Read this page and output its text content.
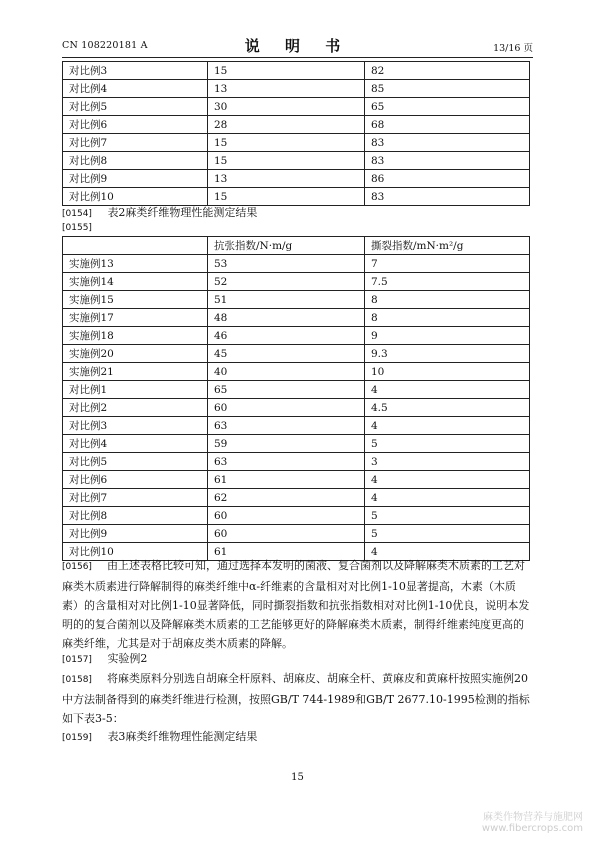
CN 108220181 A	说 明 书	13/16 页
对比例3	15	82
对比例4	13	85
对比例5	30	65
对比例6	28	68
对比例7	15	83
对比例8	15	83
对比例9	13	86
对比例10	15	83
[0154] 表2麻类纤维物理性能测定结果
[0155]
	抗张指数/N·m/g	撕裂指数/mN·m²/g
实施例13	53	7
实施例14	52	7.5
实施例15	51	8
实施例17	48	8
实施例18	46	9
实施例20	45	9.3
实施例21	40	10
对比例1	65	4
对比例2	60	4.5
对比例3	63	4
对比例4	59	5
对比例5	63	3
对比例6	61	4
对比例7	62	4
对比例8	60	5
对比例9	60	5
对比例10	61	4
[0156] 由上述表格比较可知，通过选择本发明的菌液、复合菌剂以及降解麻类木质素的工艺对麻类木质素进行降解制得的麻类纤维中α-纤维素的含量相对对比例1-10显著提高，木素（木质素）的含量相对对比例1-10显著降低，同时撕裂指数和抗张指数相对对比例1-10优良，说明本发明的的复合菌剂以及降解麻类木质素的工艺能够更好的降解麻类木质素，制得纤维素纯度更高的麻类纤维，尤其是对于胡麻皮类木质素的降解。
[0157] 实验例2
[0158] 将麻类原料分别选自胡麻全杆原料、胡麻皮、胡麻全杆、黄麻皮和黄麻杆按照实施例20中方法制备得到的麻类纤维进行检测，按照GB/T 744-1989和GB/T 2677.10-1995检测的指标如下表3-5：
[0159] 表3麻类纤维物理性能测定结果
15
麻类作物营养与施肥网
www.fibercrops.com
